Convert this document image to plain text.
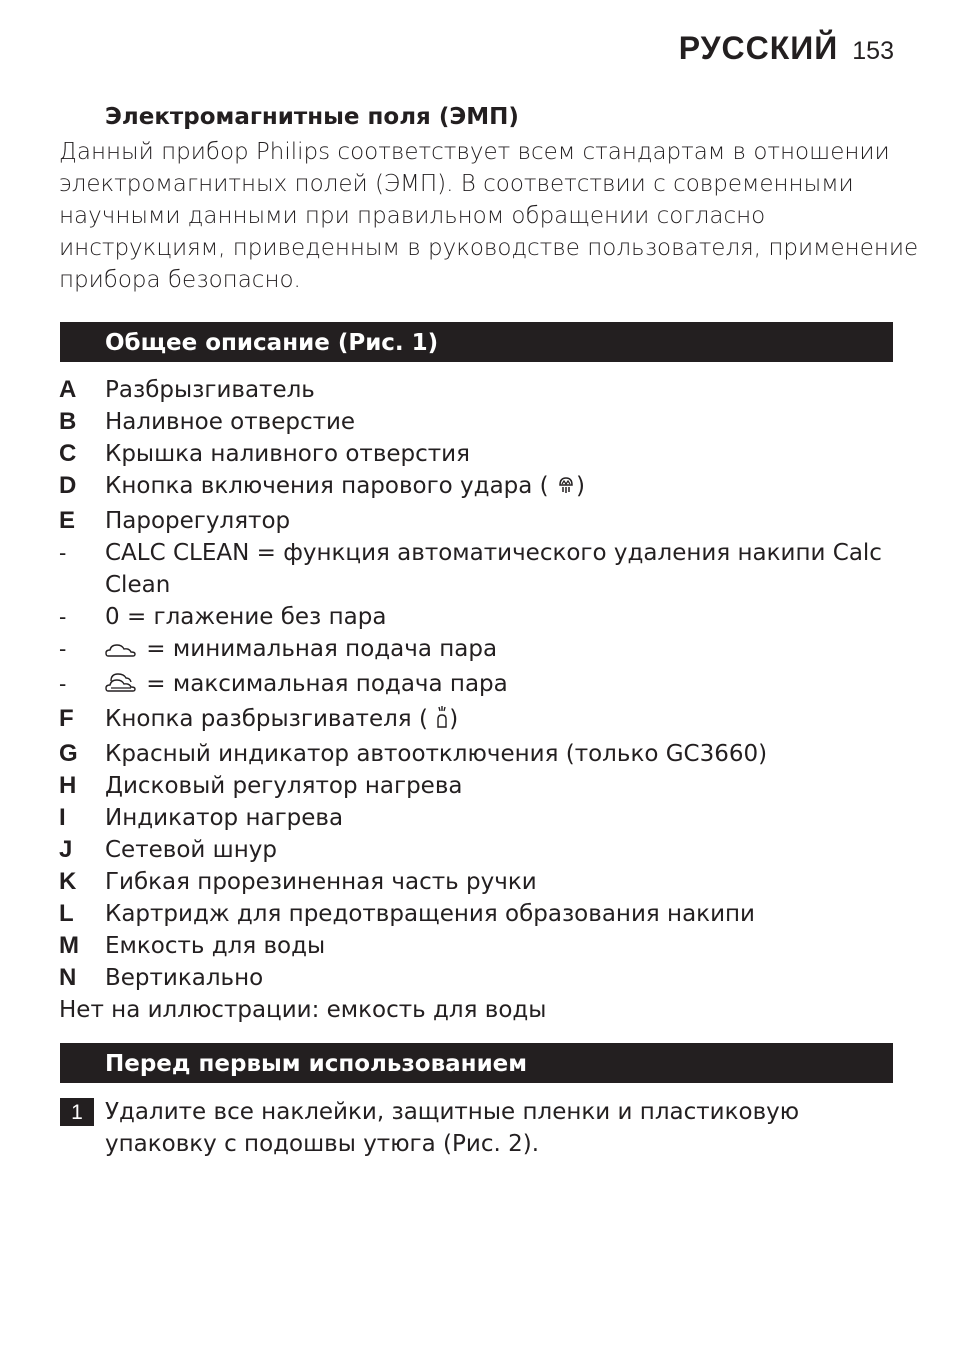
РУССКИЙ 153
Электромагнитные поля (ЭМП)
Данный прибор Philips соответствует всем стандартам в отношении
электромагнитных полей (ЭМП). В соответствии с современными
научными данными при правильном обращении согласно
инструкциям, приведенным в руководстве пользователя, применение
прибора безопасно.
Общее описание (Рис. 1)
A	Разбрызгиватель
B	Наливное отверстие
C	Крышка наливного отверстия
D	Кнопка включения парового удара ( )
E	Парорегулятор
-	CALC CLEAN = функция автоматического удаления накипи Calc
Clean
-	0 = глажение без пара
-	= минимальная подача пара
-	= максимальная подача пара
F	Кнопка разбрызгивателя ( )
G	Красный индикатор автоотключения (только GC3660)
H	Дисковый регулятор нагрева
I	Индикатор нагрева
J	Сетевой шнур
K	Гибкая прорезиненная часть ручки
L	Картридж для предотвращения образования накипи
M	Емкость для воды
N	Вертикально
Нет на иллюстрации: емкость для воды
Перед первым использованием
1 Удалите все наклейки, защитные пленки и пластиковую
упаковку с подошвы утюга (Рис. 2).
